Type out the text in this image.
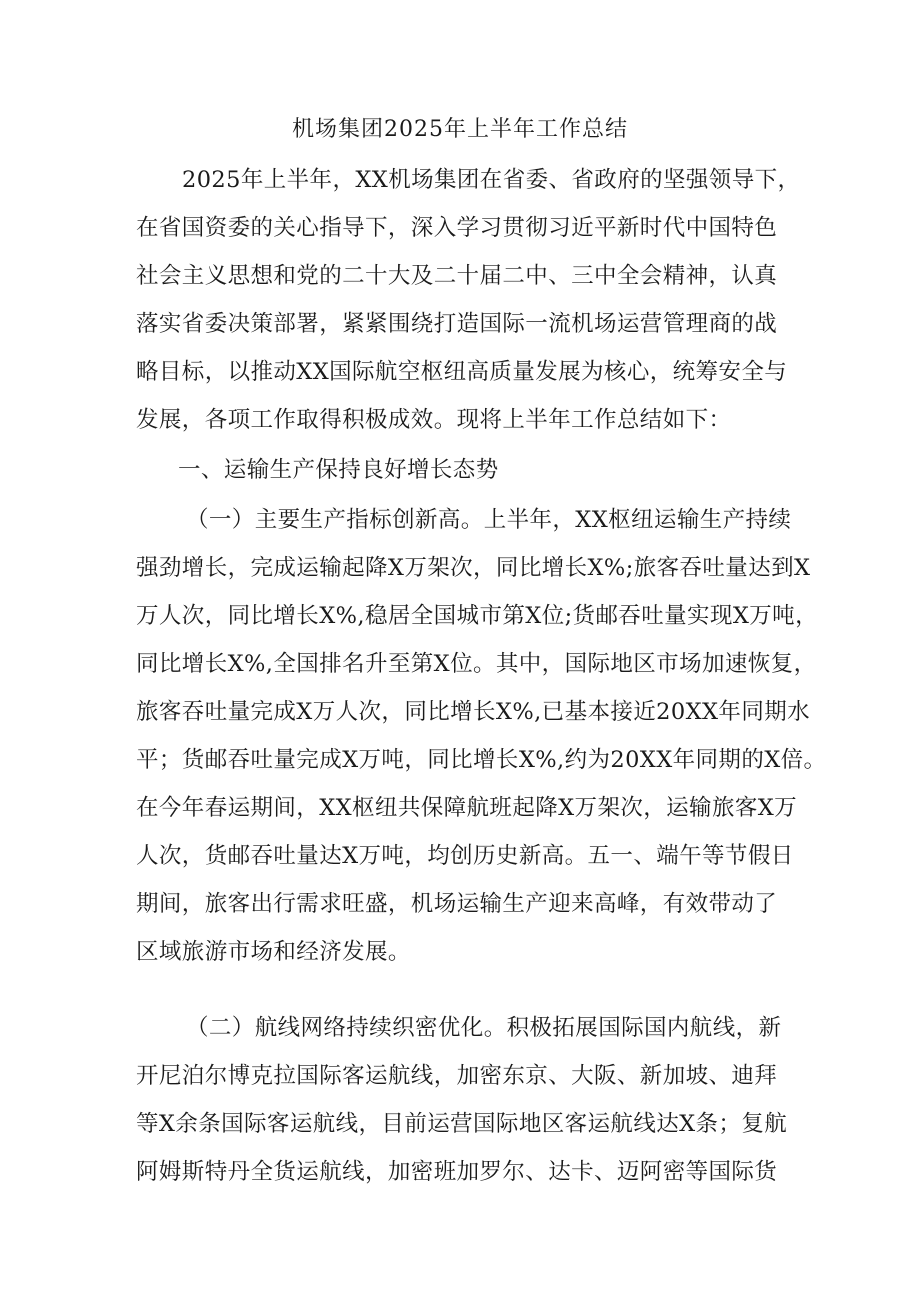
机场集团2025年上半年工作总结
2025年上半年，XX机场集团在省委、省政府的坚强领导下，
在省国资委的关心指导下，深入学习贯彻习近平新时代中国特色
社会主义思想和党的二十大及二十届二中、三中全会精神，认真
落实省委决策部署，紧紧围绕打造国际一流机场运营管理商的战
略目标，以推动XX国际航空枢纽高质量发展为核心，统筹安全与
发展，各项工作取得积极成效。现将上半年工作总结如下：
一、运输生产保持良好增长态势
（一）主要生产指标创新高。上半年，XX枢纽运输生产持续
强劲增长，完成运输起降X万架次，同比增长X%;旅客吞吐量达到X
万人次，同比增长X%,稳居全国城市第X位;货邮吞吐量实现X万吨，
同比增长X%,全国排名升至第X位。其中，国际地区市场加速恢复，
旅客吞吐量完成X万人次，同比增长X%,已基本接近20XX年同期水
平；货邮吞吐量完成X万吨，同比增长X%,约为20XX年同期的X倍。
在今年春运期间，XX枢纽共保障航班起降X万架次，运输旅客X万
人次，货邮吞吐量达X万吨，均创历史新高。五一、端午等节假日
期间，旅客出行需求旺盛，机场运输生产迎来高峰，有效带动了
区域旅游市场和经济发展。
（二）航线网络持续织密优化。积极拓展国际国内航线，新
开尼泊尔博克拉国际客运航线，加密东京、大阪、新加坡、迪拜
等X余条国际客运航线，目前运营国际地区客运航线达X条；复航
阿姆斯特丹全货运航线，加密班加罗尔、达卡、迈阿密等国际货
